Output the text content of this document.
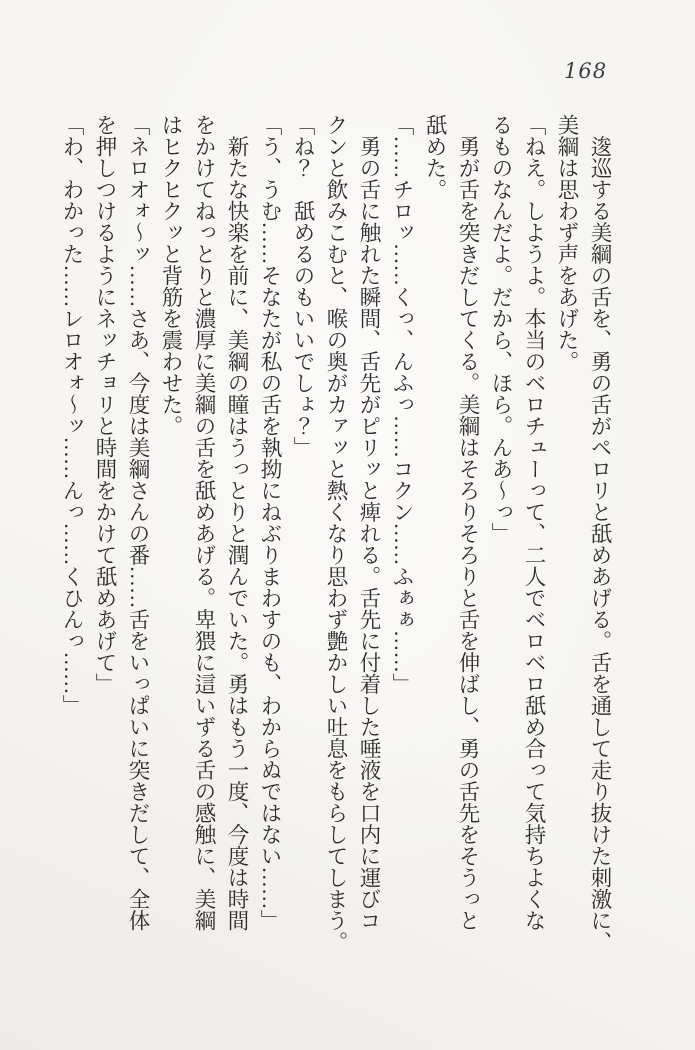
168

　逡巡する美綱の舌を、勇の舌がペロリと舐めあげる。舌を通して走り抜けた刺激に、

美綱は思わず声をあげた。

「ねえ。しようよ。本当のベロチューって、二人でベロベロ舐め合って気持ちよくな

るものなんだよ。だから、ほら。んあ〜っ」

　勇が舌を突きだしてくる。美綱はそろりそろりと舌を伸ばし、勇の舌先をそうっと

舐めた。

「……チロッ……くっ、んふっ……コクン……ふぁぁ……」

　勇の舌に触れた瞬間、舌先がピリッと痺れる。舌先に付着した唾液を口内に運びコ

クンと飲みこむと、喉の奥がカァッと熱くなり思わず艶かしい吐息をもらしてしまう。

「ね？　舐めるのもいいでしょ？」

「う、うむ……そなたが私の舌を執拗にねぶりまわすのも、わからぬではない……」

　新たな快楽を前に、美綱の瞳はうっとりと潤んでいた。勇はもう一度、今度は時間

をかけてねっとりと濃厚に美綱の舌を舐めあげる。卑猥に這いずる舌の感触に、美綱

はヒクヒクッと背筋を震わせた。

「ネロオォ〜ッ……さあ、今度は美綱さんの番……舌をいっぱいに突きだして、全体

を押しつけるようにネッチョリと時間をかけて舐めあげて」

「わ、わかった……レロオォ〜ッ……んっ……くひんっ……」
